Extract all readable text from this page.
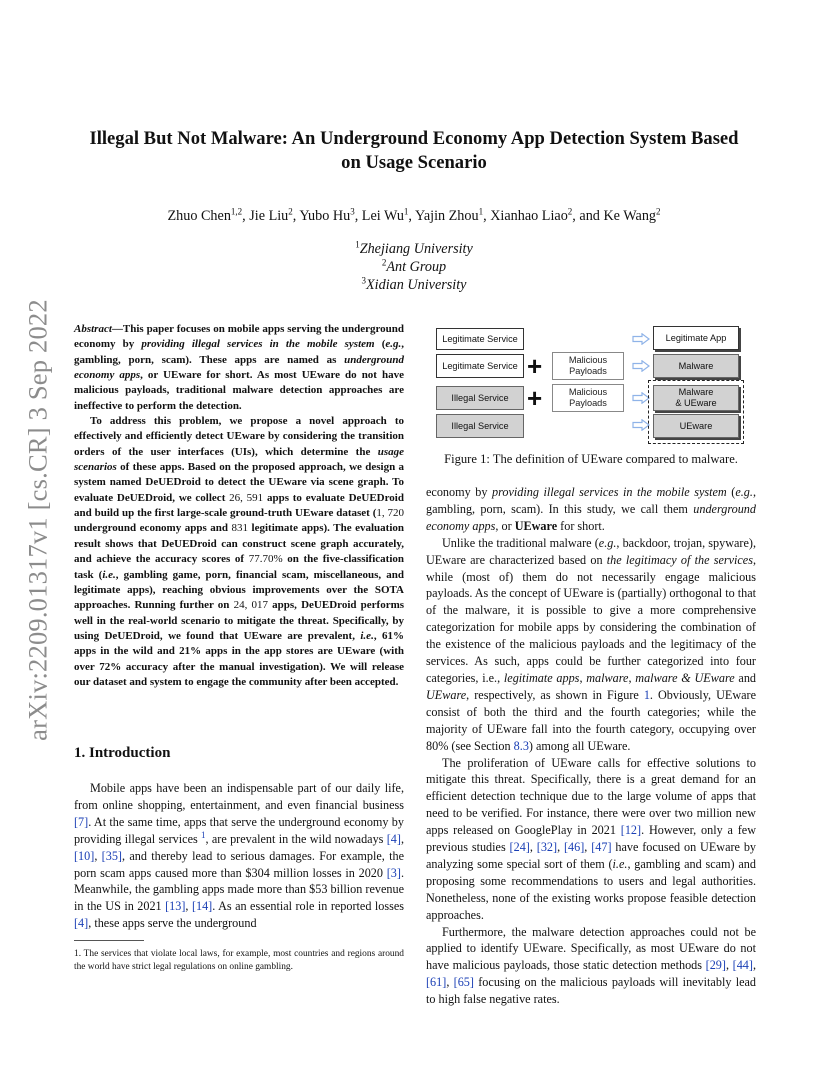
arXiv:2209.01317v1 [cs.CR] 3 Sep 2022
Illegal But Not Malware: An Underground Economy App Detection System Based
on Usage Scenario
Zhuo Chen$^{1,2}$, Jie Liu$^2$, Yubo Hu$^3$, Lei Wu$^1$, Yajin Zhou$^1$, Xianhao Liao$^2$, and Ke Wang$^2$
$^1$Zhejiang University
$^2$Ant Group
$^3$Xidian University

Abstract—This paper focuses on mobile apps serving the underground economy by providing illegal services in the mobile system (e.g., gambling, porn, scam). These apps are named as underground economy apps, or UEware for short. As most UEware do not have malicious payloads, traditional malware detection approaches are ineffective to perform the detection.

To address this problem, we propose a novel approach to effectively and efficiently detect UEware by considering the transition orders of the user interfaces (UIs), which determine the usage scenarios of these apps. Based on the proposed approach, we design a system named DeUEDroid to detect the UEware via scene graph. To evaluate DeUEDroid, we collect 26, 591 apps to evaluate DeUEDroid and build up the first large-scale ground-truth UEware dataset (1, 720 underground economy apps and 831 legitimate apps). The evaluation result shows that DeUEDroid can construct scene graph accurately, and achieve the accuracy scores of 77.70% on the five-classification task (i.e., gambling game, porn, financial scam, miscellaneous, and legitimate apps), reaching obvious improvements over the SOTA approaches. Running further on 24, 017 apps, DeUEDroid performs well in the real-world scenario to mitigate the threat. Specifically, by using DeUEDroid, we found that UEware are prevalent, i.e., 61% apps in the wild and 21% apps in the app stores are UEware (with over 72% accuracy after the manual investigation). We will release our dataset and system to engage the community after been accepted.

1. Introduction

Mobile apps have been an indispensable part of our daily life, from online shopping, entertainment, and even financial business [7]. At the same time, apps that serve the underground economy by providing illegal services $^1$, are prevalent in the wild nowadays [4], [10], [35], and thereby lead to serious damages. For example, the porn scam apps caused more than $304 million losses in 2020 [3]. Meanwhile, the gambling apps made more than $53 billion revenue in the US in 2021 [13], [14]. As an essential role in reported losses [4], these apps serve the underground

1. The services that violate local laws, for example, most countries and regions around the world have strict legal regulations on online gambling.

Legitimate Service	Legitimate App
Legitimate Service +	Malicious
Payloads
Malware
Illegal Service +	Malicious
Payloads
Malware
& UEware
Illegal Service	UEware
Figure 1: The definition of UEware compared to malware.

economy by providing illegal services in the mobile system (e.g., gambling, porn, scam). In this study, we call them underground economy apps, or UEware for short.

Unlike the traditional malware (e.g., backdoor, trojan, spyware), UEware are characterized based on the legitimacy of the services, while (most of) them do not necessarily engage malicious payloads. As the concept of UEware is (partially) orthogonal to that of the malware, it is possible to give a more comprehensive categorization for mobile apps by considering the combination of the existence of the malicious payloads and the legitimacy of the services. As such, apps could be further categorized into four categories, i.e., legitimate apps, malware, malware & UEware and UEware, respectively, as shown in Figure 1. Obviously, UEware consist of both the third and the fourth categories; while the majority of UEware fall into the fourth category, occupying over 80% (see Section 8.3) among all UEware.

The proliferation of UEware calls for effective solutions to mitigate this threat. Specifically, there is a great demand for an efficient detection technique due to the large volume of apps that need to be verified. For instance, there were over two million new apps released on GooglePlay in 2021 [12]. However, only a few previous studies [24], [32], [46], [47] have focused on UEware by analyzing some special sort of them (i.e., gambling and scam) and proposing some recommendations to users and legal authorities. Nonetheless, none of the existing works propose feasible detection approaches.

Furthermore, the malware detection approaches could not be applied to identify UEware. Specifically, as most UEware do not have malicious payloads, those static detection methods [29], [44], [61], [65] focusing on the malicious payloads will inevitably lead to high false negative rates.
